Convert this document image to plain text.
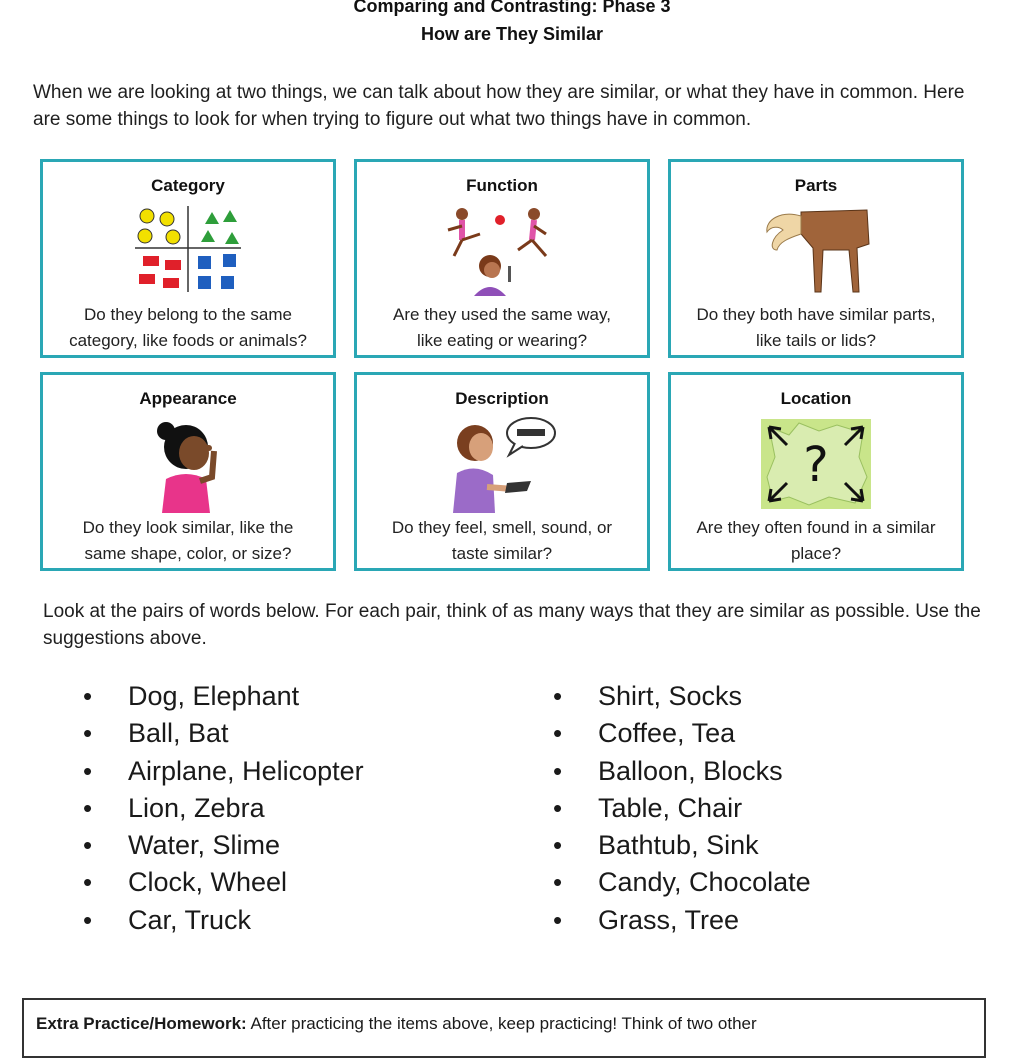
Comparing and Contrasting: Phase 3
How are They Similar
When we are looking at two things, we can talk about how they are similar, or what they have in common. Here are some things to look for when trying to figure out what two things have in common.
Category
Do they belong to the same
category, like foods or animals?
Function
Are they used the same way,
like eating or wearing?
Parts
Do they both have similar parts,
like tails or lids?
Appearance
Do they look similar, like the
same shape, color, or size?
Description
Do they feel, smell, sound, or
taste similar?
Location
?
Are they often found in a similar
place?
Look at the pairs of words below. For each pair, think of as many ways that they are similar as possible. Use the suggestions above.
• Dog, Elephant
• Ball, Bat
• Airplane, Helicopter
• Lion, Zebra
• Water, Slime
• Clock, Wheel
• Car, Truck
• Shirt, Socks
• Coffee, Tea
• Balloon, Blocks
• Table, Chair
• Bathtub, Sink
• Candy, Chocolate
• Grass, Tree
Extra Practice/Homework: After practicing the items above, keep practicing! Think of two other
